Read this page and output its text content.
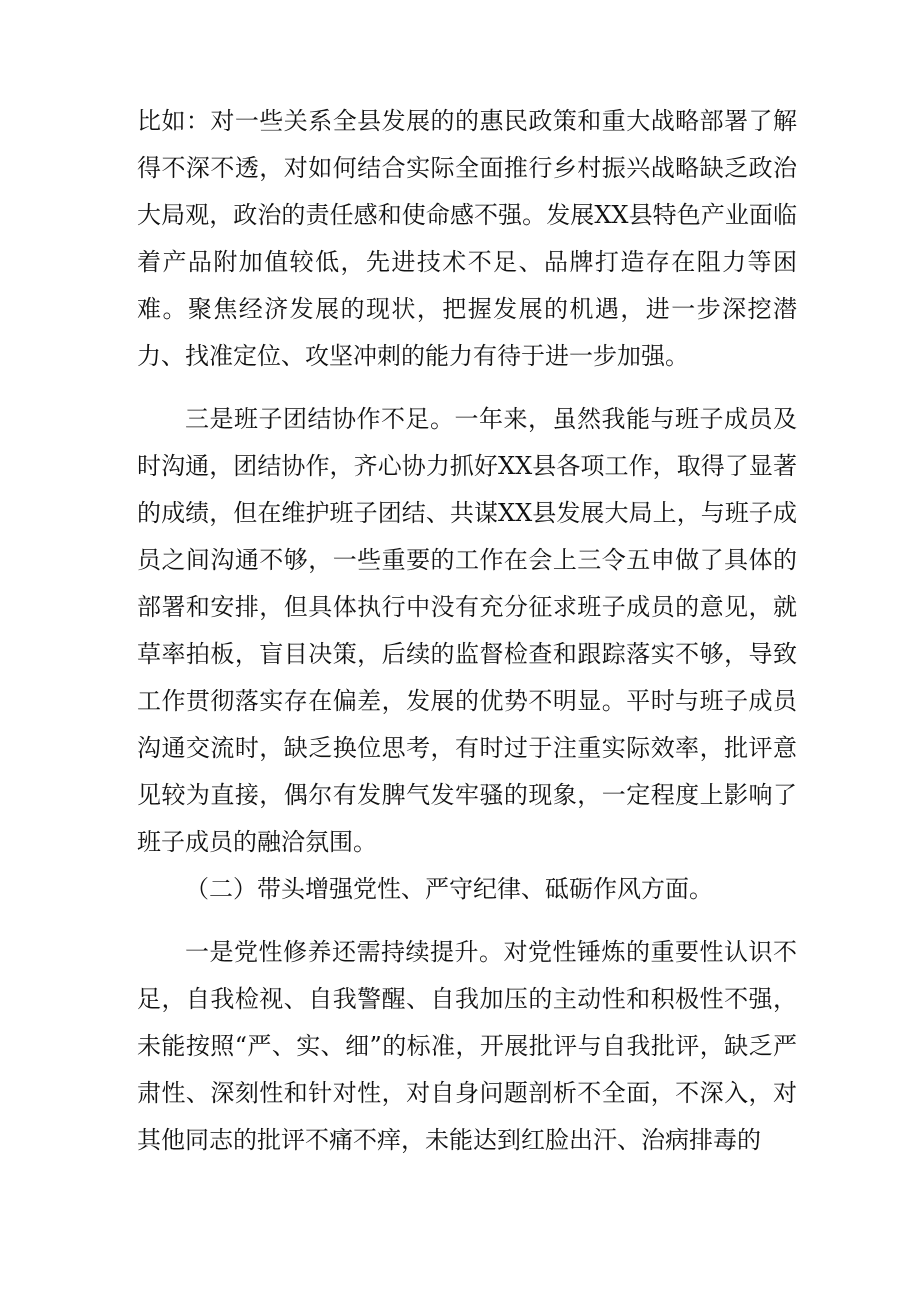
比如：对一些关系全县发展的的惠民政策和重大战略部署了解得不深不透，对如何结合实际全面推行乡村振兴战略缺乏政治大局观，政治的责任感和使命感不强。发展XX县特色产业面临着产品附加值较低，先进技术不足、品牌打造存在阻力等困难。聚焦经济发展的现状，把握发展的机遇，进一步深挖潜力、找准定位、攻坚冲刺的能力有待于进一步加强。

三是班子团结协作不足。一年来，虽然我能与班子成员及时沟通，团结协作，齐心协力抓好XX县各项工作，取得了显著的成绩，但在维护班子团结、共谋XX县发展大局上，与班子成员之间沟通不够，一些重要的工作在会上三令五申做了具体的部署和安排，但具体执行中没有充分征求班子成员的意见，就草率拍板，盲目决策，后续的监督检查和跟踪落实不够，导致工作贯彻落实存在偏差，发展的优势不明显。平时与班子成员沟通交流时，缺乏换位思考，有时过于注重实际效率，批评意见较为直接，偶尔有发脾气发牢骚的现象，一定程度上影响了班子成员的融洽氛围。

（二）带头增强党性、严守纪律、砥砺作风方面。

一是党性修养还需持续提升。对党性锤炼的重要性认识不足，自我检视、自我警醒、自我加压的主动性和积极性不强，未能按照“严、实、细”的标准，开展批评与自我批评，缺乏严肃性、深刻性和针对性，对自身问题剖析不全面，不深入，对其他同志的批评不痛不痒，未能达到红脸出汗、治病排毒的
